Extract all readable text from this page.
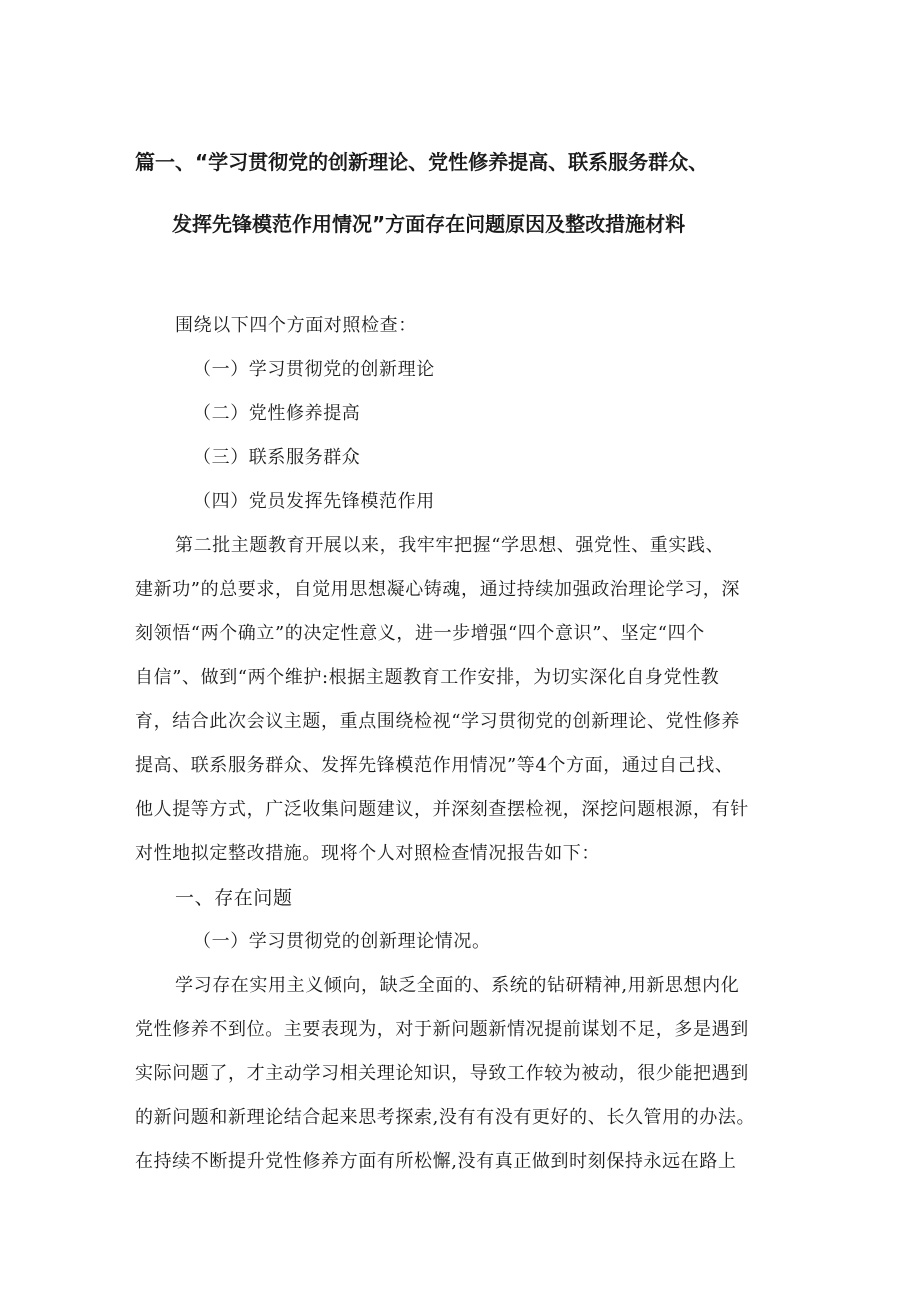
篇一、“学习贯彻党的创新理论、党性修养提高、联系服务群众、
发挥先锋模范作用情况”方面存在问题原因及整改措施材料
围绕以下四个方面对照检查：
（一）学习贯彻党的创新理论
（二）党性修养提高
（三）联系服务群众
（四）党员发挥先锋模范作用
第二批主题教育开展以来，我牢牢把握“学思想、强党性、重实践、
建新功”的总要求，自觉用思想凝心铸魂，通过持续加强政治理论学习，深
刻领悟“两个确立”的决定性意义，进一步增强“四个意识”、坚定“四个
自信”、做到“两个维护:根据主题教育工作安排，为切实深化自身党性教
育，结合此次会议主题，重点围绕检视“学习贯彻党的创新理论、党性修养
提高、联系服务群众、发挥先锋模范作用情况”等4个方面，通过自己找、
他人提等方式，广泛收集问题建议，并深刻查摆检视，深挖问题根源，有针
对性地拟定整改措施。现将个人对照检查情况报告如下：
一、存在问题
（一）学习贯彻党的创新理论情况。
学习存在实用主义倾向，缺乏全面的、系统的钻研精神,用新思想内化
党性修养不到位。主要表现为，对于新问题新情况提前谋划不足，多是遇到
实际问题了，才主动学习相关理论知识，导致工作较为被动，很少能把遇到
的新问题和新理论结合起来思考探索,没有有没有更好的、长久管用的办法。
在持续不断提升党性修养方面有所松懈,没有真正做到时刻保持永远在路上
